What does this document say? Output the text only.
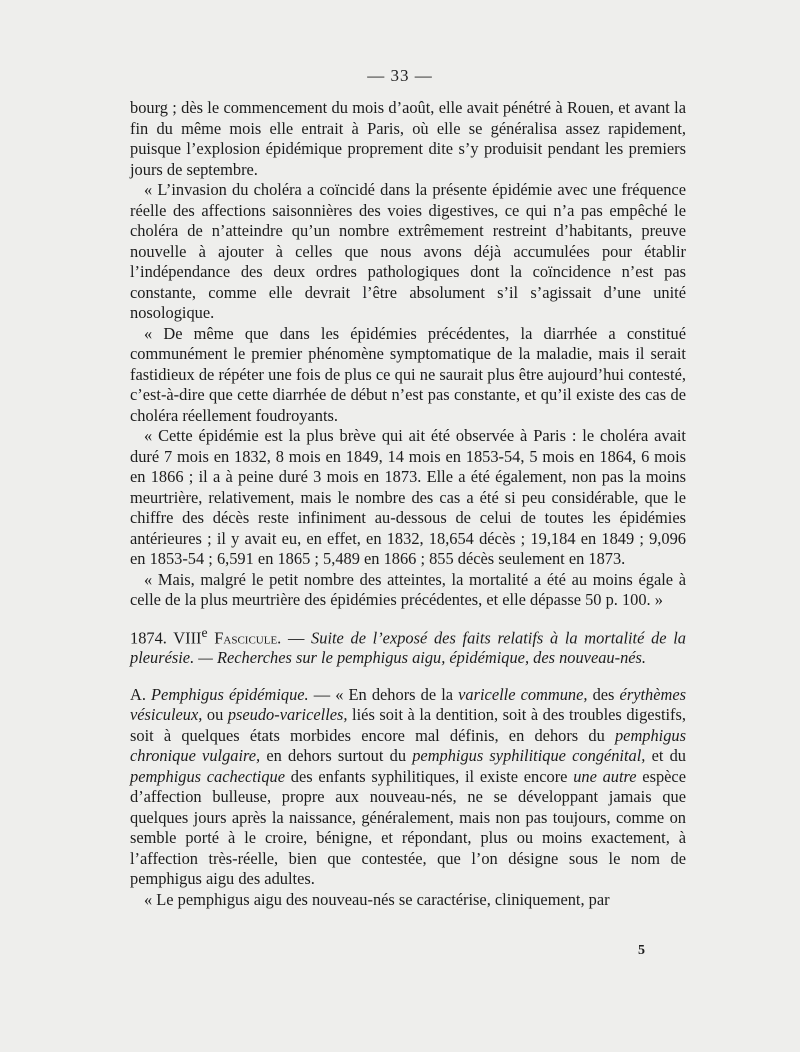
— 33 —

bourg ; dès le commencement du mois d’août, elle avait pénétré à Rouen, et avant la fin du même mois elle entrait à Paris, où elle se généralisa assez rapidement, puisque l’explosion épidémique proprement dite s’y produisit pendant les premiers jours de septembre.

« L’invasion du choléra a coïncidé dans la présente épidémie avec une fréquence réelle des affections saisonnières des voies digestives, ce qui n’a pas empêché le choléra de n’atteindre qu’un nombre extrêmement restreint d’habitants, preuve nouvelle à ajouter à celles que nous avons déjà accumulées pour établir l’indépendance des deux ordres pathologiques dont la coïncidence n’est pas constante, comme elle devrait l’être absolument s’il s’agissait d’une unité nosologique.

« De même que dans les épidémies précédentes, la diarrhée a constitué communément le premier phénomène symptomatique de la maladie, mais il serait fastidieux de répéter une fois de plus ce qui ne saurait plus être aujourd’hui contesté, c’est-à-dire que cette diarrhée de début n’est pas constante, et qu’il existe des cas de choléra réellement foudroyants.

« Cette épidémie est la plus brève qui ait été observée à Paris : le choléra avait duré 7 mois en 1832, 8 mois en 1849, 14 mois en 1853-54, 5 mois en 1864, 6 mois en 1866 ; il a à peine duré 3 mois en 1873. Elle a été également, non pas la moins meurtrière, relativement, mais le nombre des cas a été si peu considérable, que le chiffre des décès reste infiniment au-dessous de celui de toutes les épidémies antérieures ; il y avait eu, en effet, en 1832, 18,654 décès ; 19,184 en 1849 ; 9,096 en 1853-54 ; 6,591 en 1865 ; 5,489 en 1866 ; 855 décès seulement en 1873.

« Mais, malgré le petit nombre des atteintes, la mortalité a été au moins égale à celle de la plus meurtrière des épidémies précédentes, et elle dépasse 50 p. 100. »

1874. VIIIe Fascicule. — Suite de l’exposé des faits relatifs à la mortalité de la pleurésie. — Recherches sur le pemphigus aigu, épidémique, des nouveau-nés.

A. Pemphigus épidémique. — « En dehors de la varicelle commune, des érythèmes vésiculeux, ou pseudo-varicelles, liés soit à la dentition, soit à des troubles digestifs, soit à quelques états morbides encore mal définis, en dehors du pemphigus chronique vulgaire, en dehors surtout du pemphigus syphilitique congénital, et du pemphigus cachectique des enfants syphilitiques, il existe encore une autre espèce d’affection bulleuse, propre aux nouveau-nés, ne se développant jamais que quelques jours après la naissance, généralement, mais non pas toujours, comme on semble porté à le croire, bénigne, et répondant, plus ou moins exactement, à l’affection très-réelle, bien que contestée, que l’on désigne sous le nom de pemphigus aigu des adultes.

« Le pemphigus aigu des nouveau-nés se caractérise, cliniquement, par

5
